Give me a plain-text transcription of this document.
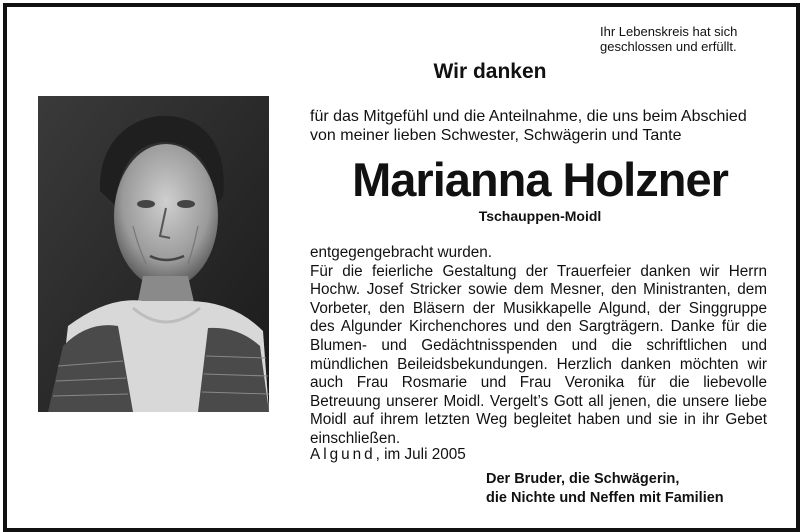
Ihr Lebenskreis hat sich
geschlossen und erfüllt.
Wir danken
für das Mitgefühl und die Anteilnahme, die uns beim Abschied
von meiner lieben Schwester, Schwägerin und Tante
Marianna Holzner
Tschauppen-Moidl

entgegengebracht wurden.

Für die feierliche Gestaltung der Trauerfeier danken wir Herrn Hochw. Josef Stricker sowie dem Mesner, den Ministranten, dem Vorbeter, den Bläsern der Musikkapelle Algund, der Singgruppe des Algunder Kirchenchores und den Sargträgern. Danke für die Blumen- und Gedächtnisspenden und die schriftlichen und mündlichen Beileidsbekundungen. Herzlich danken möchten wir auch Frau Rosmarie und Frau Veronika für die liebevolle Betreuung unserer Moidl. Vergelt’s Gott all jenen, die unsere liebe Moidl auf ihrem letzten Weg begleitet haben und sie in ihr Gebet einschließen.

Algund, im Juli 2005
Der Bruder, die Schwägerin,
die Nichte und Neffen mit Familien
